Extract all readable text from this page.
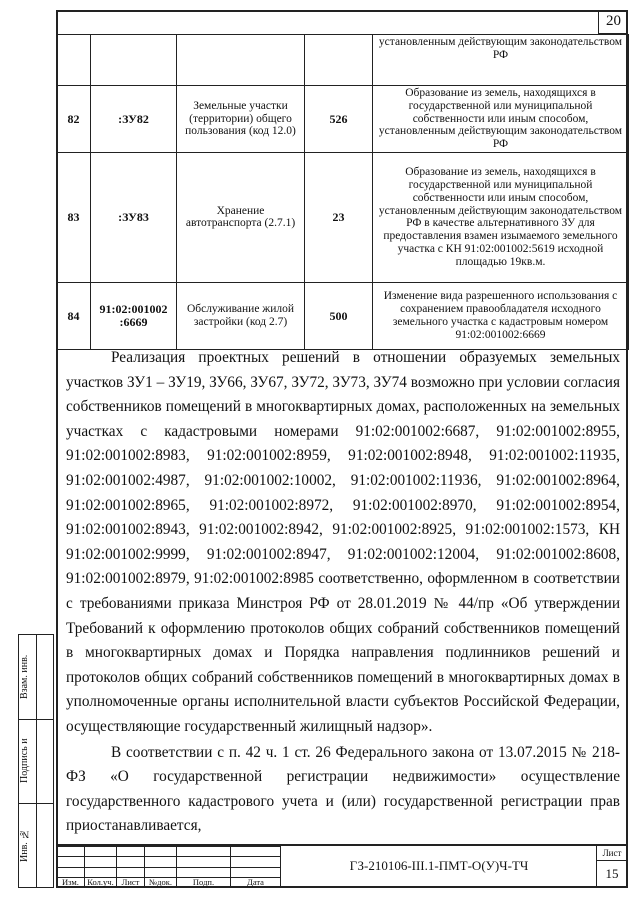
20
				установленным действующим законодательством РФ
82	:ЗУ82	Земельные участки (территории) общего пользования (код 12.0)	526	Образование из земель, находящихся в государственной или муниципальной собственности или иным способом, установленным действующим законодательством РФ
83	:ЗУ83	Хранение автотранспорта (2.7.1)	23	Образование из земель, находящихся в государственной или муниципальной собственности или иным способом, установленным действующим законодательством РФ в качестве альтернативного ЗУ для предоставления взамен изымаемого земельного участка с КН 91:02:001002:5619 исходной площадью 19кв.м.
84	91:02:001002 :6669	Обслуживание жилой застройки (код 2.7)	500	Изменение вида разрешенного использования с сохранением правообладателя исходного земельного участка с кадастровым номером 91:02:001002:6669

Реализация проектных решений в отношении образуемых земельных участков ЗУ1 – ЗУ19, ЗУ66, ЗУ67, ЗУ72, ЗУ73, ЗУ74 возможно при условии согласия собственников помещений в многоквартирных домах, расположенных на земельных участках с кадастровыми номерами 91:02:001002:6687, 91:02:001002:8955, 91:02:001002:8983, 91:02:001002:8959, 91:02:001002:8948, 91:02:001002:11935, 91:02:001002:4987, 91:02:001002:10002, 91:02:001002:11936, 91:02:001002:8964, 91:02:001002:8965, 91:02:001002:8972, 91:02:001002:8970, 91:02:001002:8954, 91:02:001002:8943, 91:02:001002:8942, 91:02:001002:8925, 91:02:001002:1573, КН 91:02:001002:9999, 91:02:001002:8947, 91:02:001002:12004, 91:02:001002:8608, 91:02:001002:8979, 91:02:001002:8985 соответственно, оформленном в соответствии с требованиями приказа Минстроя РФ от 28.01.2019 № 44/пр «Об утверждении Требований к оформлению протоколов общих собраний собственников помещений в многоквартирных домах и Порядка направления подлинников решений и протоколов общих собраний собственников помещений в многоквартирных домах в уполномоченные органы исполнительной власти субъектов Российской Федерации, осуществляющие государственный жилищный надзор».

В соответствии с п. 42 ч. 1 ст. 26 Федерального закона от 13.07.2015 № 218-ФЗ «О государственной регистрации недвижимости» осуществление государственного кадастрового учета и (или) государственной регистрации прав приостанавливается,

Взам. инв.
Подпись и
Инв. №

Изм.	Кол.уч.	Лист	№док.	Подп.	Дата
ГЗ-210106-III.1-ПМТ-О(У)Ч-ТЧ
Лист
15
